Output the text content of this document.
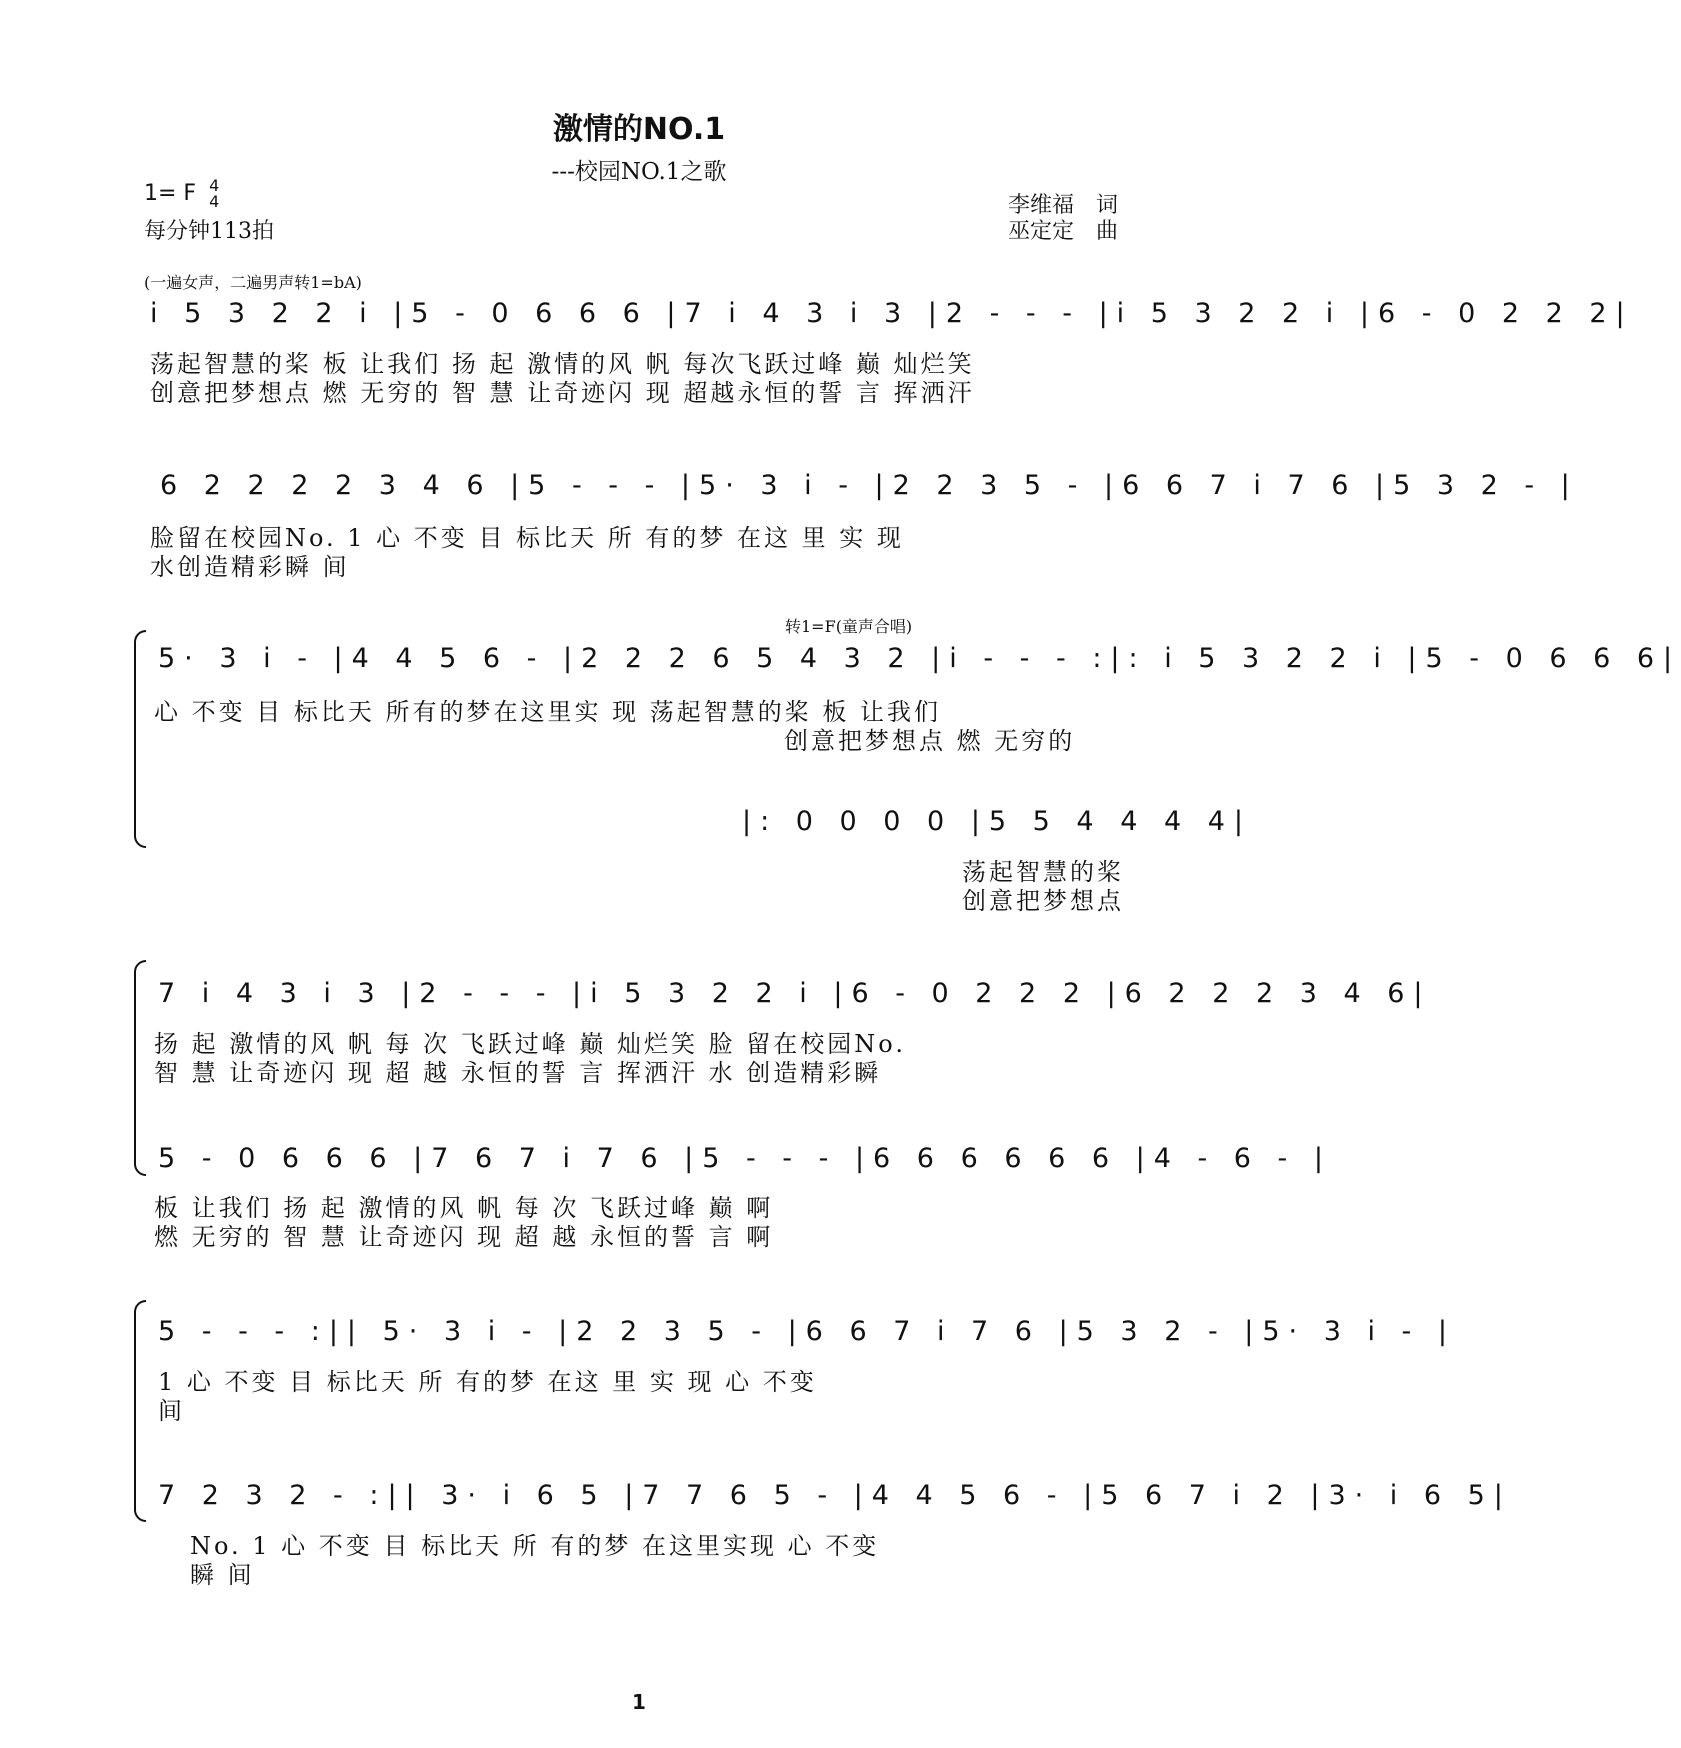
激情的NO.1
---校园NO.1之歌
1= F 4
4
每分钟113拍
李维福　词
巫定定　曲
(一遍女声，二遍男声转1=bA)
i 5 3 2 2 i |5 - 0 6 6 6 |7 i 4 3 i 3 |2 - - - |i 5 3 2 2 i |6 - 0 2 2 2|
荡起智慧的桨 板 让我们 扬 起 激情的风 帆 每次飞跃过峰 巅 灿烂笑
创意把梦想点 燃 无穷的 智 慧 让奇迹闪 现 超越永恒的誓 言 挥洒汗
6 2 2 2 2 3 4 6 |5 - - - |5· 3 i - |2 2 3 5 - |6 6 7 i 7 6 |5 3 2 - |
脸留在校园No. 1 心 不变 目 标比天 所 有的梦 在这 里 实 现
水创造精彩瞬 间
转1=F(童声合唱)
5· 3 i - |4 4 5 6 - |2 2 2 6 5 4 3 2 |i - - - :|: i 5 3 2 2 i |5 - 0 6 6 6|
心 不变 目 标比天 所有的梦在这里实 现 荡起智慧的桨 板 让我们
创意把梦想点 燃 无穷的
|: 0 0 0 0 |5 5 4 4 4 4|
荡起智慧的桨
创意把梦想点
7 i 4 3 i 3 |2 - - - |i 5 3 2 2 i |6 - 0 2 2 2 |6 2 2 2 3 4 6|
扬 起 激情的风 帆 每 次 飞跃过峰 巅 灿烂笑 脸 留在校园No.
智 慧 让奇迹闪 现 超 越 永恒的誓 言 挥洒汗 水 创造精彩瞬
5 - 0 6 6 6 |7 6 7 i 7 6 |5 - - - |6 6 6 6 6 6 |4 - 6 - |
板 让我们 扬 起 激情的风 帆 每 次 飞跃过峰 巅 啊
燃 无穷的 智 慧 让奇迹闪 现 超 越 永恒的誓 言 啊
5 - - - :|| 5· 3 i - |2 2 3 5 - |6 6 7 i 7 6 |5 3 2 - |5· 3 i - |
1 心 不变 目 标比天 所 有的梦 在这 里 实 现 心 不变
间
7 2 3 2 - :|| 3· i 6 5 |7 7 6 5 - |4 4 5 6 - |5 6 7 i 2 |3· i 6 5|
No. 1 心 不变 目 标比天 所 有的梦 在这里实现 心 不变
瞬 间
1
